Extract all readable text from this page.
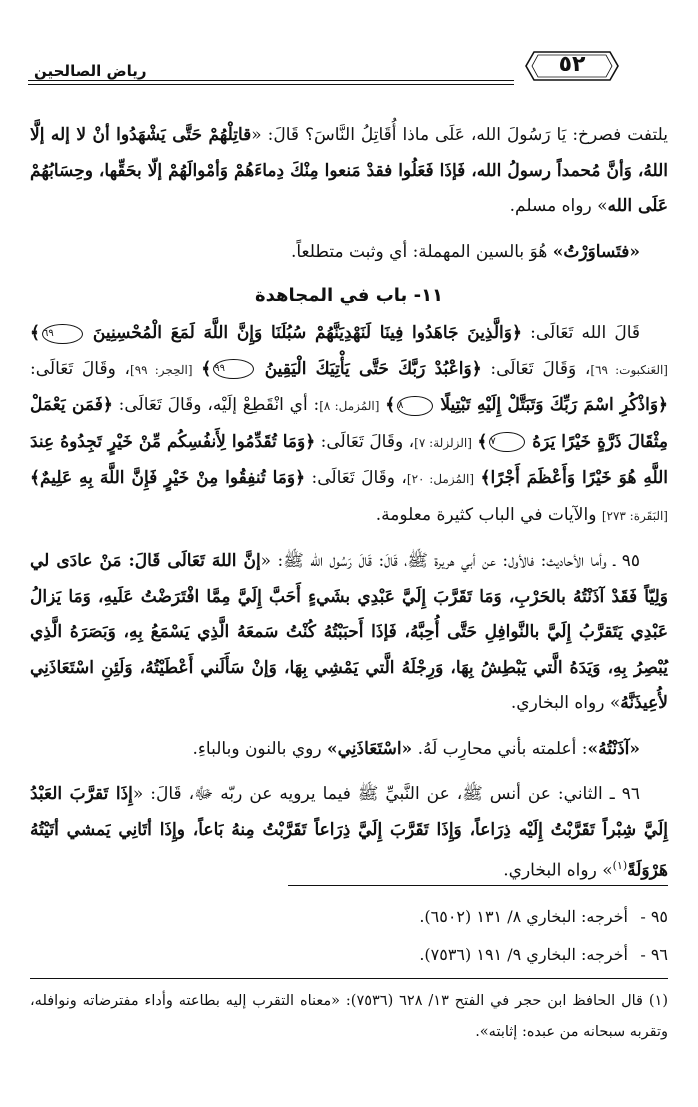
٥٢
رياض الصالحين

يلتفت فصرخ: يَا رَسُولَ الله، عَلَى ماذا أُقَاتِلُ النَّاسَ؟ قَالَ: «قاتِلْهُمْ حَتَّى يَشْهَدُوا أنْ لا إله إلَّا اللهُ، وَأنَّ مُحمداً رسولُ الله، فَإذَا فَعَلُوا فقدْ مَنعوا مِنْكَ دِماءَهُمْ وَأمْوالَهُمْ إلّا بحَقِّها، وحِسَابُهُمْ عَلَى الله» رواه مسلم.

«فتَساوَرْتُ» هُوَ بالسين المهملة: أي وثبت متطلعاً.

١١- باب في المجاهدة

قَالَ الله تَعَالَى: ﴿وَالَّذِينَ جَاهَدُوا فِينَا لَنَهْدِيَنَّهُمْ سُبُلَنَا وَإِنَّ اللَّهَ لَمَعَ الْمُحْسِنِينَ ٦٩﴾ [العَنكبوت: ٦٩]، وَقَالَ تَعَالَى: ﴿وَاعْبُدْ رَبَّكَ حَتَّى يَأْتِيَكَ الْيَقِينُ ٩٩﴾ [الحِجر: ٩٩]، وقَالَ تَعَالَى: ﴿وَاذْكُرِ اسْمَ رَبِّكَ وَتَبَتَّلْ إِلَيْهِ تَبْتِيلًا ٨﴾ [المُزمل: ٨]: أي انْقَطِعْ إلَيْه، وقَالَ تَعَالَى: ﴿فَمَن يَعْمَلْ مِثْقَالَ ذَرَّةٍ خَيْرًا يَرَهُ ٧﴾ [الزلزلة: ٧]، وقَالَ تَعَالَى: ﴿وَمَا تُقَدِّمُوا لِأَنفُسِكُم مِّنْ خَيْرٍ تَجِدُوهُ عِندَ اللَّهِ هُوَ خَيْرًا وَأَعْظَمَ أَجْرًا﴾ [المُزمل: ٢٠]، وقَالَ تَعَالَى: ﴿وَمَا تُنفِقُوا مِنْ خَيْرٍ فَإِنَّ اللَّهَ بِهِ عَلِيمٌ﴾ [البَقَرة: ٢٧٣] والآيات في الباب كثيرة معلومة.

٩٥ ـ وأما الأحاديث: فالأول: عن أبي هريرة ﷺ، قَالَ: قَالَ رَسُول الله ﷺ: «إنَّ اللهَ تَعَالَى قَالَ: مَنْ عادَى لي وَلِيّاً فَقَدْ آذَنْتُهُ بالحَرْبِ، وَمَا تَقَرَّبَ إِلَيَّ عَبْدِي بشَيءٍ أَحَبَّ إِلَيَّ مِمَّا افْتَرَضْتُ عَلَيهِ، وَمَا يَزالُ عَبْدِي يَتَقرَّبُ إِلَيَّ بالنَّوافِلِ حَتَّى أُحِبَّهُ، فَإذَا أَحبَبْتُهُ كُنْتُ سَمعَهُ الَّذِي يَسْمَعُ بِهِ، وَبَصَرَهُ الَّذِي يُبْصِرُ بِهِ، وَيَدَهُ الَّتي يَبْطِشُ بِهَا، وَرِجْلَهُ الَّتي يَمْشِي بِهَا، وَإنْ سَأَلَني أَعْطَيْتُهُ، وَلَئِنِ اسْتَعَاذَنِي لأُعِيذَنَّهُ» رواه البخاري.

«آذَنْتُهُ»: أعلمته بأني محارِب لَهُ. «اسْتَعَاذَنِي» روي بالنون وبالباءِ.

٩٦ ـ الثاني: عن أنس ﷺ، عن النَّبيِّ ﷺ فيما يرويه عن ربّه ﷻ، قَالَ: «إِذَا تَقرَّبَ العَبْدُ إِلَيَّ شِبْراً تَقَرَّبْتُ إِلَيْه ذِرَاعاً، وَإِذَا تَقَرَّبَ إِلَيَّ ذِرَاعاً تَقَرَّبْتُ مِنهُ بَاعاً، وإِذَا أتَانِي يَمشي أتَيْتُهُ هَرْوَلَةً$^{(١)}$» رواه البخاري.

٩٥ -أخرجه: البخاري ٨/ ١٣١ (٦٥٠٢).

٩٦ -أخرجه: البخاري ٩/ ١٩١ (٧٥٣٦).

(١) قال الحافظ ابن حجر في الفتح ١٣/ ٦٢٨ (٧٥٣٦): «معناه التقرب إليه بطاعته وأداء مفترضاته ونوافله، وتقربه سبحانه من عبده: إثابته».
